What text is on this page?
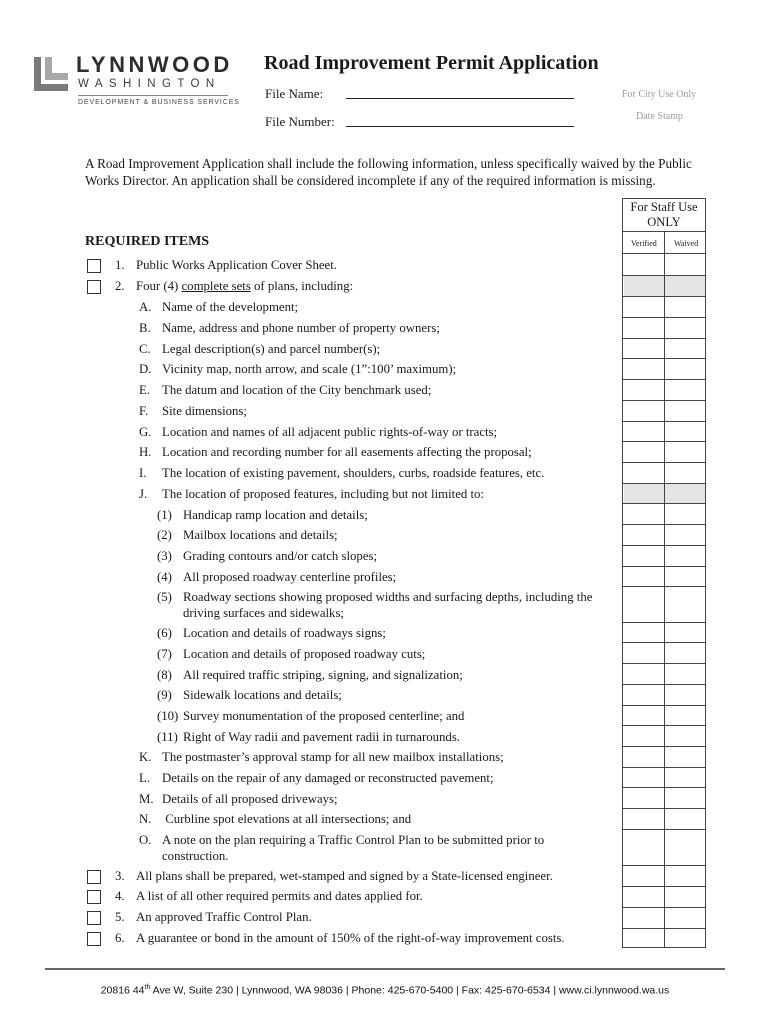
LYNNWOOD
WASHINGTON
DEVELOPMENT & BUSINESS SERVICES
Road Improvement Permit Application
File Name:
File Number:
For City Use Only
Date Stamp
A Road Improvement Application shall include the following information, unless specifically waived by the Public Works Director. An application shall be considered incomplete if any of the required information is missing.
For Staff Use
ONLY
Verified Waived
REQUIRED ITEMS
1. Public Works Application Cover Sheet.
2. Four (4) complete sets of plans, including:
3. All plans shall be prepared, wet-stamped and signed by a State-licensed engineer.
4. A list of all other required permits and dates applied for.
5. An approved Traffic Control Plan.
6. A guarantee or bond in the amount of 150% of the right-of-way improvement costs.
A. Name of the development;
B. Name, address and phone number of property owners;
C. Legal description(s) and parcel number(s);
D. Vicinity map, north arrow, and scale (1”:100’ maximum);
E. The datum and location of the City benchmark used;
F. Site dimensions;
G. Location and names of all adjacent public rights-of-way or tracts;
H. Location and recording number for all easements affecting the proposal;
I. The location of existing pavement, shoulders, curbs, roadside features, etc.
J. The location of proposed features, including but not limited to:
K. The postmaster’s approval stamp for all new mailbox installations;
L. Details on the repair of any damaged or reconstructed pavement;
M. Details of all proposed driveways;
N. Curbline spot elevations at all intersections; and
O. A note on the plan requiring a Traffic Control Plan to be submitted prior to
construction.
(1) Handicap ramp location and details;
(2) Mailbox locations and details;
(3) Grading contours and/or catch slopes;
(4) All proposed roadway centerline profiles;
(5) Roadway sections showing proposed widths and surfacing depths, including the
driving surfaces and sidewalks;
(6) Location and details of roadways signs;
(7) Location and details of proposed roadway cuts;
(8) All required traffic striping, signing, and signalization;
(9) Sidewalk locations and details;
(10) Survey monumentation of the proposed centerline; and
(11) Right of Way radii and pavement radii in turnarounds.
20816 44th Ave W, Suite 230 | Lynnwood, WA 98036 | Phone: 425-670-5400 | Fax: 425-670-6534 | www.ci.lynnwood.wa.us
